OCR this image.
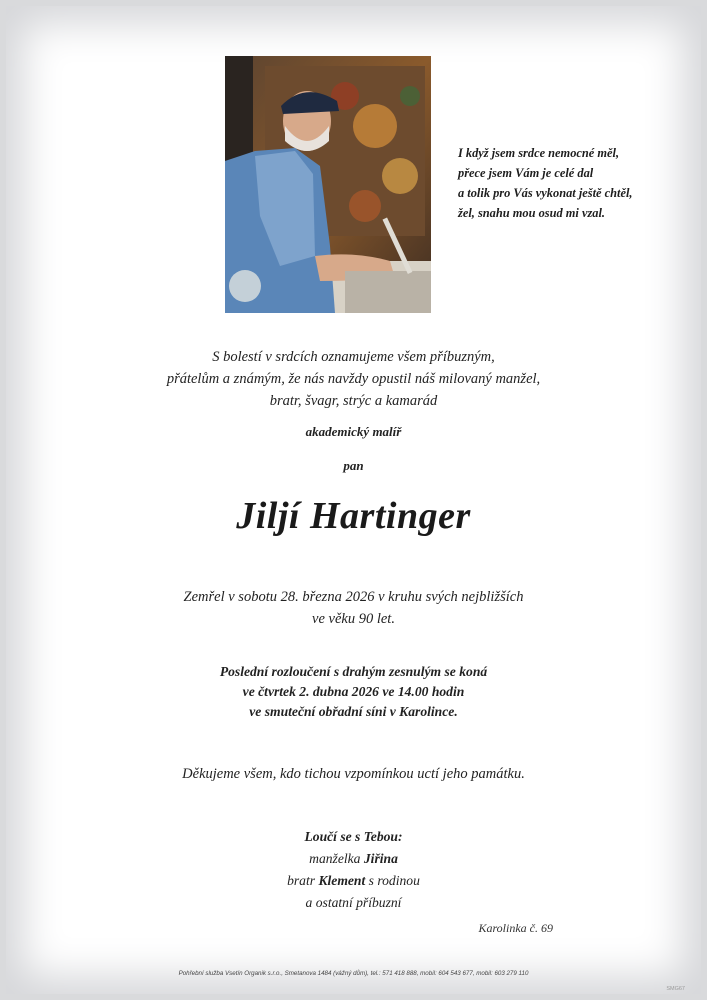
I když jsem srdce nemocné měl,
přece jsem Vám je celé dal
a tolik pro Vás vykonat ještě chtěl,
žel, snahu mou osud mi vzal.
S bolestí v srdcích oznamujeme všem příbuzným,
přátelům a známým, že nás navždy opustil náš milovaný manžel,
bratr, švagr, strýc a kamarád
akademický malíř
pan
Jiljí Hartinger
Zemřel v sobotu 28. března 2026 v kruhu svých nejbližších
ve věku 90 let.
Poslední rozloučení s drahým zesnulým se koná
ve čtvrtek 2. dubna 2026 ve 14.00 hodin
ve smuteční obřadní síni v Karolince.
Děkujeme všem, kdo tichou vzpomínkou uctí jeho památku.
Loučí se s Tebou:
manželka Jiřina
bratr Klement s rodinou
a ostatní příbuzní
Karolinka č. 69
Pohřební služba Vsetín Organik s.r.o., Smetanova 1484 (vážný dům), tel.: 571 418 888, mobil: 604 543 677, mobil: 603 279 110
SMG67
